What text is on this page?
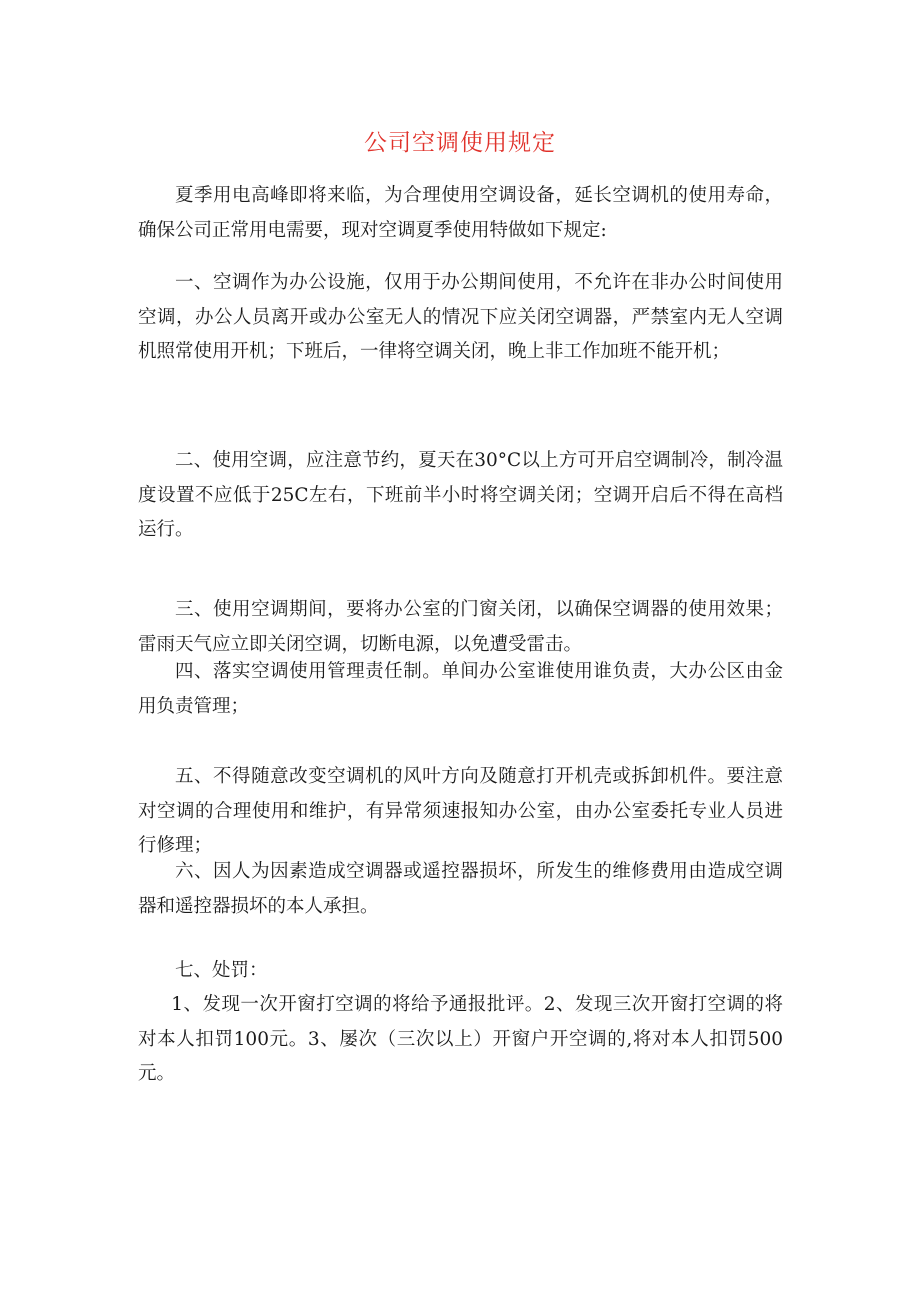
公司空调使用规定

夏季用电高峰即将来临，为合理使用空调设备，延长空调机的使用寿命，确保公司正常用电需要，现对空调夏季使用特做如下规定:

一、空调作为办公设施，仅用于办公期间使用，不允许在非办公时间使用空调，办公人员离开或办公室无人的情况下应关闭空调器，严禁室内无人空调机照常使用开机；下班后，一律将空调关闭，晚上非工作加班不能开机；

二、使用空调，应注意节约，夏天在30°C以上方可开启空调制冷，制冷温度设置不应低于25C左右，下班前半小时将空调关闭；空调开启后不得在高档运行。

三、使用空调期间，要将办公室的门窗关闭，以确保空调器的使用效果；雷雨天气应立即关闭空调，切断电源，以免遭受雷击。

四、落实空调使用管理责任制。单间办公室谁使用谁负责，大办公区由金用负责管理；

五、不得随意改变空调机的风叶方向及随意打开机壳或拆卸机件。要注意对空调的合理使用和维护，有异常须速报知办公室，由办公室委托专业人员进行修理；

六、因人为因素造成空调器或遥控器损坏，所发生的维修费用由造成空调器和遥控器损坏的本人承担。

七、处罚：

1、发现一次开窗打空调的将给予通报批评。2、发现三次开窗打空调的将对本人扣罚100元。3、屡次（三次以上）开窗户开空调的,将对本人扣罚500元。
